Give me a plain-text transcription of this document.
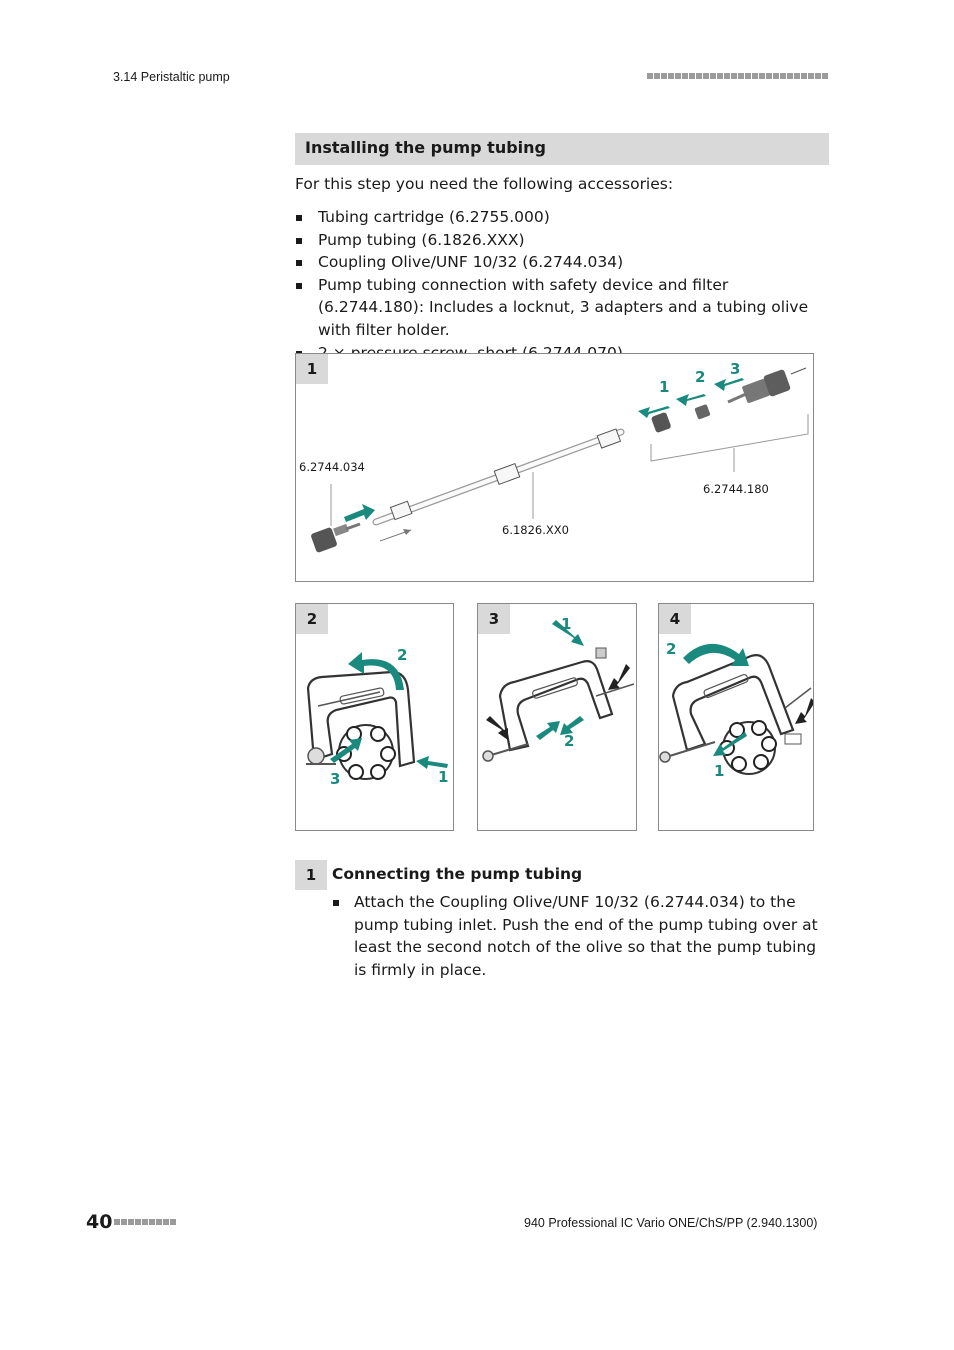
3.14 Peristaltic pump
Installing the pump tubing
For this step you need the following accessories:
Tubing cartridge (6.2755.000)
Pump tubing (6.1826.XXX)
Coupling Olive/UNF 10/32 (6.2744.034)
Pump tubing connection with safety device and filter (6.2744.180): Includes a locknut, 3 adapters and a tubing olive with filter holder.
1
1
2 3
6.2744.034
6.1826.XX0
6.2744.180
2
2
3	1
3	1
2
4
2
1
1	Connecting the pump tubing
Attach the Coupling Olive/UNF 10/32 (6.2744.034) to the pump tubing inlet. Push the end of the pump tubing over at least the second notch of the olive so that the pump tubing is firmly in place.
40	940 Professional IC Vario ONE/ChS/PP (2.940.1300)
